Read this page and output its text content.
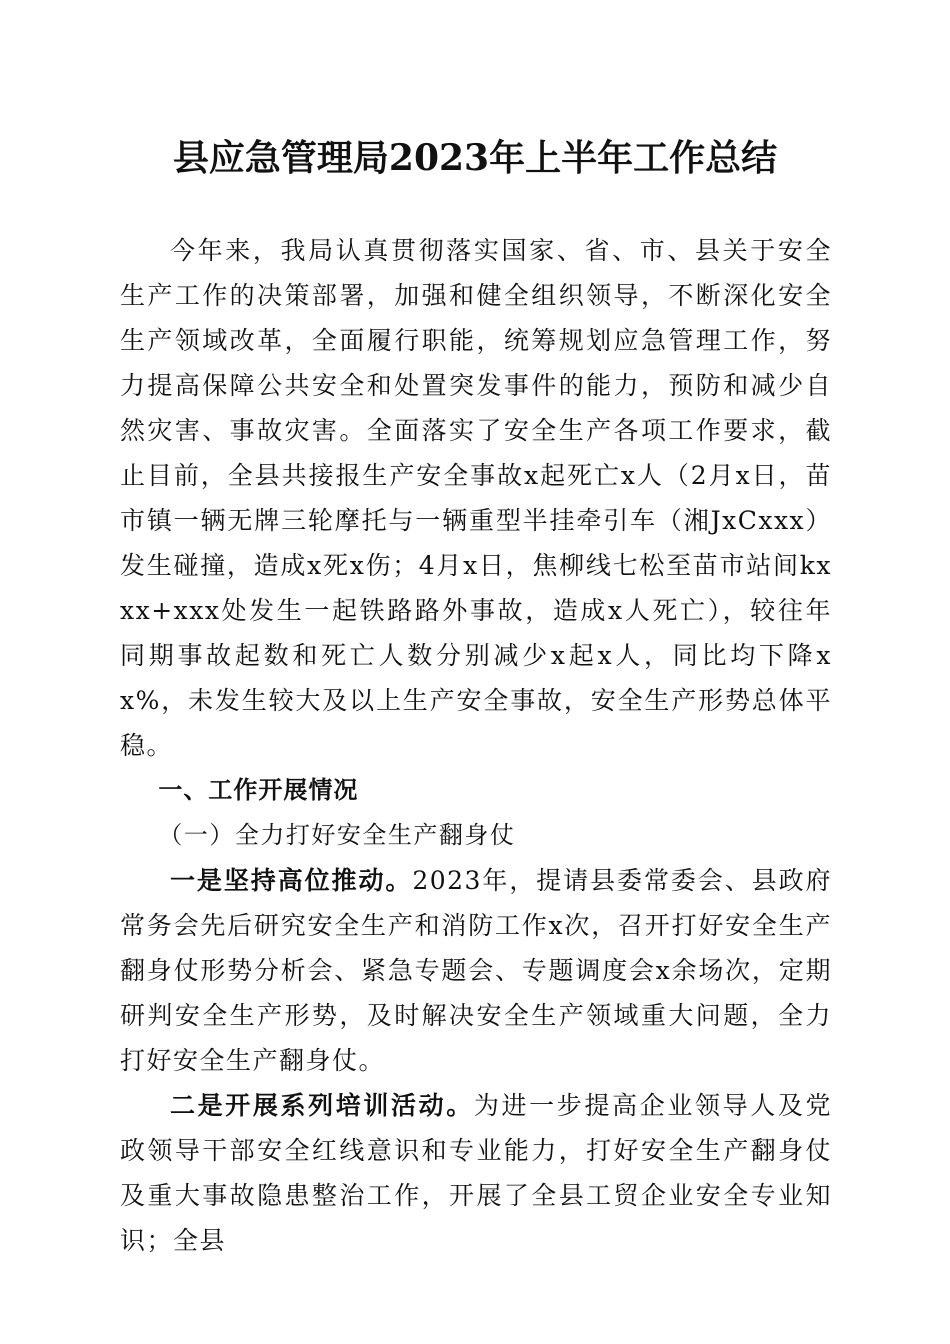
县应急管理局2023年上半年工作总结

今年来，我局认真贯彻落实国家、省、市、县关于安全生产工作的决策部署，加强和健全组织领导，不断深化安全生产领域改革，全面履行职能，统筹规划应急管理工作，努力提高保障公共安全和处置突发事件的能力，预防和减少自然灾害、事故灾害。全面落实了安全生产各项工作要求，截止目前，全县共接报生产安全事故x起死亡x人（2月x日，苗市镇一辆无牌三轮摩托与一辆重型半挂牵引车（湘JxCxxx）发生碰撞，造成x死x伤；4月x日，焦柳线七松至苗市站间kxxx+xxx处发生一起铁路路外事故，造成x人死亡），较往年同期事故起数和死亡人数分别减少x起x人，同比均下降xx%，未发生较大及以上生产安全事故，安全生产形势总体平稳。

一、工作开展情况

（一）全力打好安全生产翻身仗

一是坚持高位推动。2023年，提请县委常委会、县政府常务会先后研究安全生产和消防工作x次，召开打好安全生产翻身仗形势分析会、紧急专题会、专题调度会x余场次，定期研判安全生产形势，及时解决安全生产领域重大问题，全力打好安全生产翻身仗。

二是开展系列培训活动。为进一步提高企业领导人及党政领导干部安全红线意识和专业能力，打好安全生产翻身仗及重大事故隐患整治工作，开展了全县工贸企业安全专业知识；全县
